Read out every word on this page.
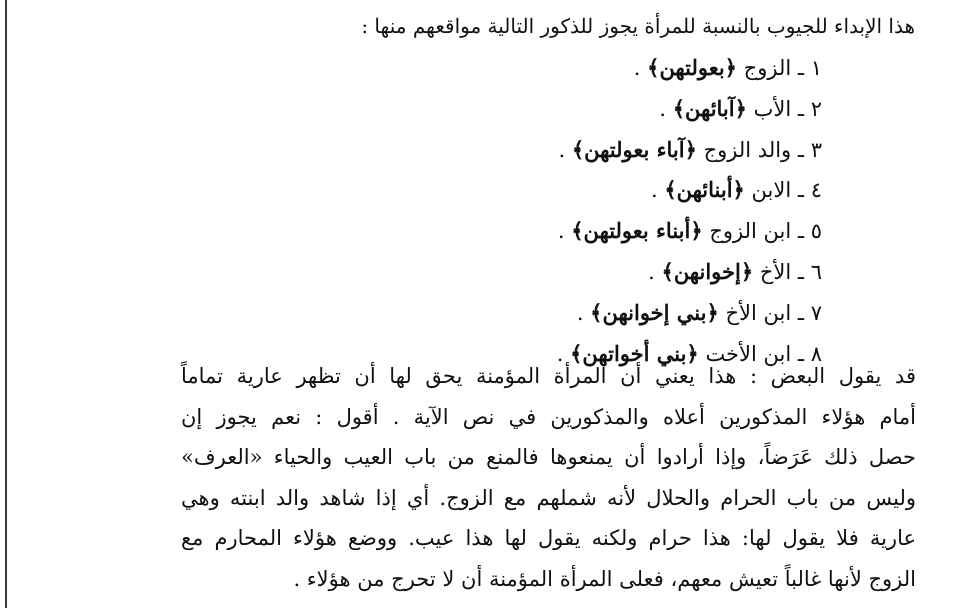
هذا الإبداء للجيوب بالنسبة للمرأة يجوز للذكور التالية مواقعهم منها :
١ ـ الزوج ﴿بعولتهن﴾ .
٢ ـ الأب ﴿آبائهن﴾ .
٣ ـ والد الزوج ﴿آباء بعولتهن﴾ .
٤ ـ الابن ﴿أبنائهن﴾ .
٥ ـ ابن الزوج ﴿أبناء بعولتهن﴾ .
٦ ـ الأخ ﴿إخوانهن﴾ .
٧ ـ ابن الأخ ﴿بني إخوانهن﴾ .
٨ ـ ابن الأخت ﴿بني أخواتهن﴾ .
قد يقول البعض : هذا يعني أن المرأة المؤمنة يحق لها أن تظهر عارية تماماً
أمام هؤلاء المذكورين أعلاه والمذكورين في نص الآية . أقول : نعم يجوز إن
حصل ذلك عَرَضاً، وإذا أرادوا أن يمنعوها فالمنع من باب العيب والحياء «العرف»
وليس من باب الحرام والحلال لأنه شملهم مع الزوج. أي إذا شاهد والد ابنته وهي
عارية فلا يقول لها: هذا حرام ولكنه يقول لها هذا عيب. ووضع هؤلاء المحارم مع
الزوج لأنها غالباً تعيش معهم، فعلى المرأة المؤمنة أن لا تحرج من هؤلاء .
